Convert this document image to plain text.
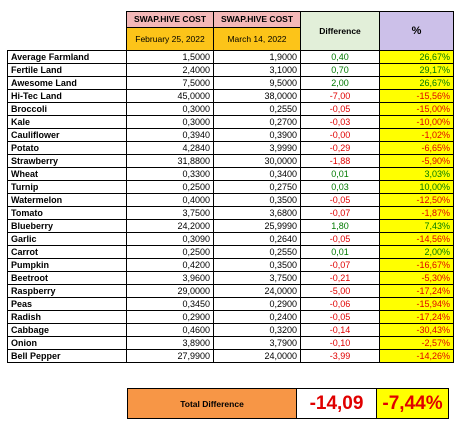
	SWAP.HIVE COST	SWAP.HIVE COST	Difference	%
	February 25, 2022	March 14, 2022		
Average Farmland	1,5000	1,9000	0,40	26,67%
Fertile Land	2,4000	3,1000	0,70	29,17%
Awesome Land	7,5000	9,5000	2,00	26,67%
Hi-Tec Land	45,0000	38,0000	-7,00	-15,56%
Broccoli	0,3000	0,2550	-0,05	-15,00%
Kale	0,3000	0,2700	-0,03	-10,00%
Cauliflower	0,3940	0,3900	-0,00	-1,02%
Potato	4,2840	3,9990	-0,29	-6,65%
Strawberry	31,8800	30,0000	-1,88	-5,90%
Wheat	0,3300	0,3400	0,01	3,03%
Turnip	0,2500	0,2750	0,03	10,00%
Watermelon	0,4000	0,3500	-0,05	-12,50%
Tomato	3,7500	3,6800	-0,07	-1,87%
Blueberry	24,2000	25,9990	1,80	7,43%
Garlic	0,3090	0,2640	-0,05	-14,56%
Carrot	0,2500	0,2550	0,01	2,00%
Pumpkin	0,4200	0,3500	-0,07	-16,67%
Beetroot	3,9600	3,7500	-0,21	-5,30%
Raspberry	29,0000	24,0000	-5,00	-17,24%
Peas	0,3450	0,2900	-0,06	-15,94%
Radish	0,2900	0,2400	-0,05	-17,24%
Cabbage	0,4600	0,3200	-0,14	-30,43%
Onion	3,8900	3,7900	-0,10	-2,57%
Bell Pepper	27,9900	24,0000	-3,99	-14,26%
Total Difference	-14,09	-7,44%
